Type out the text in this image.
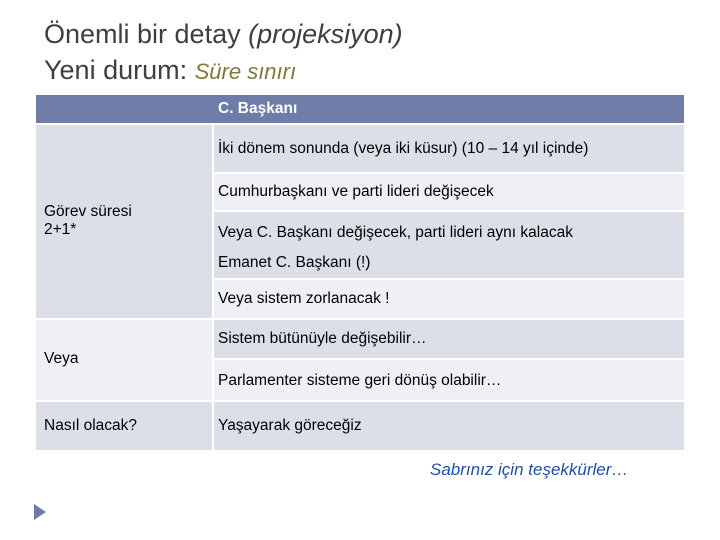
Önemli bir detay (projeksiyon)
Yeni durum: Süre sınırı
C. Başkanı
Görev süresi
2+1*
Veya
Nasıl olacak?
İki dönem sonunda (veya iki küsur) (10 – 14 yıl içinde)
Cumhurbaşkanı ve parti lideri değişecek
Veya C. Başkanı değişecek, parti lideri aynı kalacak
Emanet C. Başkanı (!)
Veya sistem zorlanacak !
Sistem bütünüyle değişebilir…
Parlamenter sisteme geri dönüş olabilir…
Yaşayarak göreceğiz
Sabrınız için teşekkürler…
